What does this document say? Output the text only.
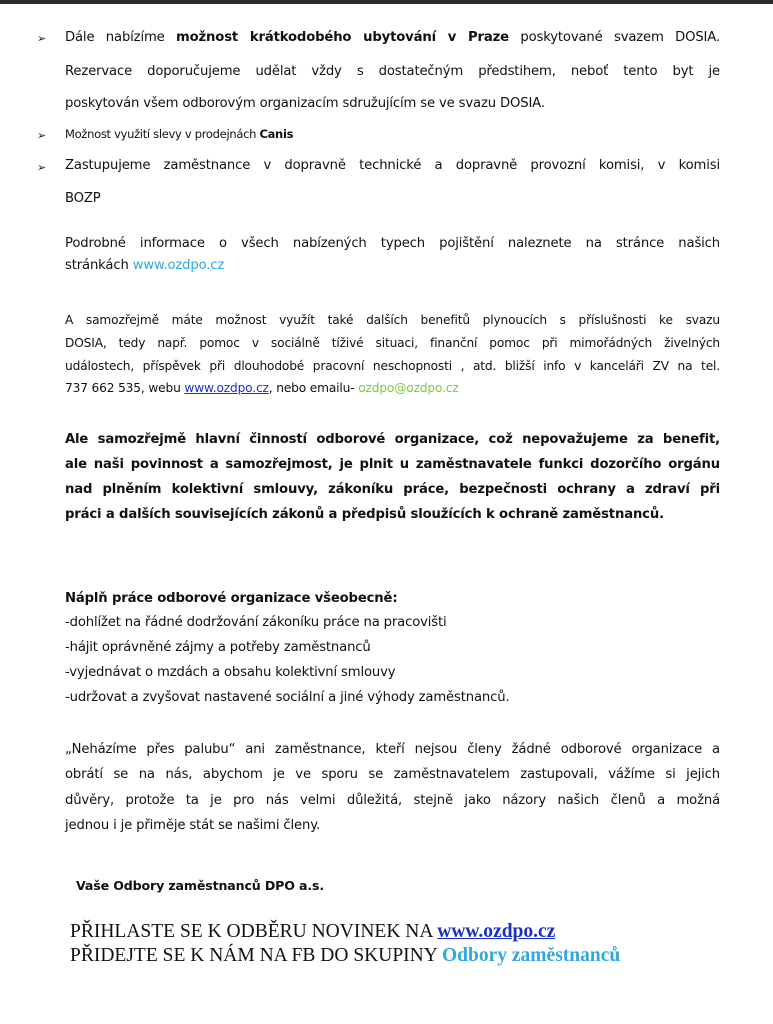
➢ Dále nabízíme možnost krátkodobého ubytování v Praze poskytované svazem DOSIA.
Rezervace doporučujeme udělat vždy s dostatečným předstihem, neboť tento byt je
poskytován všem odborovým organizacím sdružujícím se ve svazu DOSIA.
➢ Možnost využití slevy v prodejnách Canis
➢ Zastupujeme zaměstnance v dopravně technické a dopravně provozní komisi, v komisi
BOZP
Podrobné informace o všech nabízených typech pojištění naleznete na stránce našich
stránkách www.ozdpo.cz
A samozřejmě máte možnost využít také dalších benefitů plynoucích s příslušnosti ke svazu
DOSIA, tedy např. pomoc v sociálně tíživé situaci, finanční pomoc při mimořádných živelných
událostech, příspěvek při dlouhodobé pracovní neschopnosti , atd. bližší info v kanceláři ZV na tel.
737 662 535, webu www.ozdpo.cz, nebo emailu- ozdpo@ozdpo.cz
Ale samozřejmě hlavní činností odborové organizace, což nepovažujeme za benefit,
ale naši povinnost a samozřejmost, je plnit u zaměstnavatele funkci dozorčího orgánu
nad plněním kolektivní smlouvy, zákoníku práce, bezpečnosti ochrany a zdraví při
práci a dalších souvisejících zákonů a předpisů sloužících k ochraně zaměstnanců.
Náplň práce odborové organizace všeobecně:
-dohlížet na řádné dodržování zákoníku práce na pracovišti
-hájit oprávněné zájmy a potřeby zaměstnanců
-vyjednávat o mzdách a obsahu kolektivní smlouvy
-udržovat a zvyšovat nastavené sociální a jiné výhody zaměstnanců.
„Neházíme přes palubu“ ani zaměstnance, kteří nejsou členy žádné odborové organizace a
obrátí se na nás, abychom je ve sporu se zaměstnavatelem zastupovali, vážíme si jejich
důvěry, protože ta je pro nás velmi důležitá, stejně jako názory našich členů a možná
jednou i je přiměje stát se našimi členy.
Vaše Odbory zaměstnanců DPO a.s.
PŘIHLASTE SE K ODBĚRU NOVINEK NA www.ozdpo.cz
PŘIDEJTE SE K NÁM NA FB DO SKUPINY Odbory zaměstnanců
